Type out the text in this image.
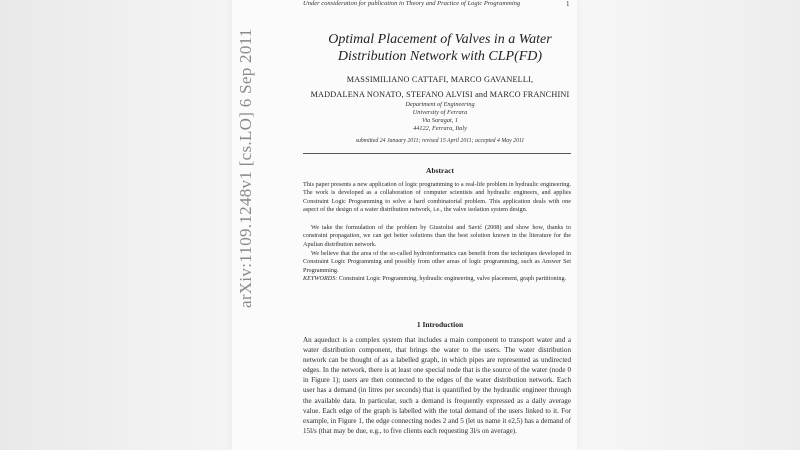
arXiv:1109.1248v1 [cs.LO] 6 Sep 2011
Under consideration for publication in Theory and Practice of Logic Programming	1
Optimal Placement of Valves in a Water
Distribution Network with CLP(FD)
MASSIMILIANO CATTAFI, MARCO GAVANELLI,
MADDALENA NONATO, STEFANO ALVISI and MARCO FRANCHINI
Department of Engineering
University of Ferrara
Via Saragat, 1
44122, Ferrara, Italy
submitted 24 January 2011; revised 15 April 2011; accepted 4 May 2011
Abstract
This paper presents a new application of logic programming to a real-life problem in hydraulic engineering. The work is developed as a collaboration of computer scientists and hydraulic engineers, and applies Constraint Logic Programming to solve a hard combinatorial problem. This application deals with one aspect of the design of a water distribution network, i.e., the valve isolation system design.
We take the formulation of the problem by Giustolisi and Savić (2008) and show how, thanks to constraint propagation, we can get better solutions than the best solution known in the literature for the Apulian distribution network.
We believe that the area of the so-called hydroinformatics can benefit from the techniques developed in Constraint Logic Programming and possibly from other areas of logic programming, such as Answer Set Programming.
KEYWORDS: Constraint Logic Programming, hydraulic engineering, valve placement, graph partitioning.
1 Introduction
An aqueduct is a complex system that includes a main component to transport water and a water distribution component, that brings the water to the users. The water distribution network can be thought of as a labelled graph, in which pipes are represented as undirected edges. In the network, there is at least one special node that is the source of the water (node 0 in Figure 1); users are then connected to the edges of the water distribution network. Each user has a demand (in litres per seconds) that is quantified by the hydraulic engineer through the available data. In particular, such a demand is frequently expressed as a daily average value. Each edge of the graph is labelled with the total demand of the users linked to it. For example, in Figure 1, the edge connecting nodes 2 and 5 (let us name it e2,5) has a demand of 15l/s (that may be due, e.g., to five clients each requesting 3l/s on average).
